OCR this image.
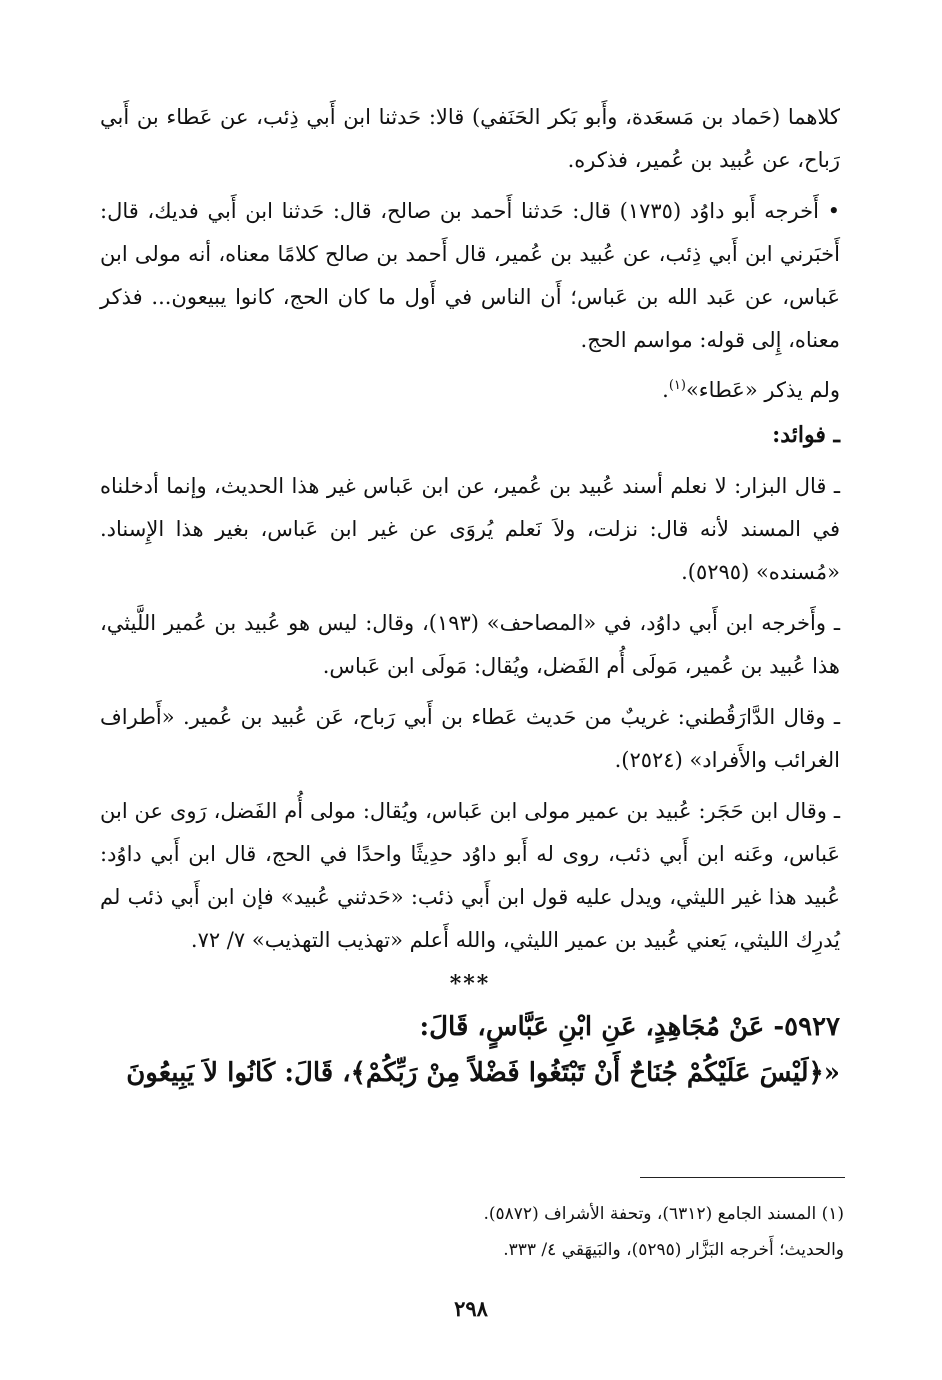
كلاهما (حَماد بن مَسعَدة، وأَبو بَكر الحَنَفي) قالا: حَدثنا ابن أَبي ذِئب، عن عَطاء بن أَبي رَباح، عن عُبيد بن عُمير، فذكره.

• أَخرجه أَبو داوُد (١٧٣٥) قال: حَدثنا أَحمد بن صالح، قال: حَدثنا ابن أَبي فديك، قال: أَخبَرني ابن أَبي ذِئب، عن عُبيد بن عُمير، قال أَحمد بن صالح كلامًا معناه، أنه مولى ابن عَباس، عن عَبد الله بن عَباس؛ أَن الناس في أَول ما كان الحج، كانوا يبيعون... فذكر معناه، إِلى قوله: مواسم الحج.

ولم يذكر «عَطاء»$^{(١)}$.

ـ فوائد:

ـ قال البزار: لا نعلم أسند عُبيد بن عُمير، عن ابن عَباس غير هذا الحديث، وإنما أدخلناه في المسند لأنه قال: نزلت، ولاَ نَعلم يُروَى عن غير ابن عَباس، بغير هذا الإِسناد. «مُسنده» (٥٢٩٥).

ـ وأَخرجه ابن أَبي داوُد، في «المصاحف» (١٩٣)، وقال: ليس هو عُبيد بن عُمير اللَّيثي، هذا عُبيد بن عُمير، مَولَى أُم الفَضل، ويُقال: مَولَى ابن عَباس.

ـ وقال الدَّارَقُطني: غريبٌ من حَديث عَطاء بن أَبي رَباح، عَن عُبيد بن عُمير. «أَطراف الغرائب والأَفراد» (٢٥٢٤).

ـ وقال ابن حَجَر: عُبيد بن عمير مولى ابن عَباس، ويُقال: مولى أُم الفَضل، رَوى عن ابن عَباس، وعَنه ابن أَبي ذئب، روى له أَبو داوُد حدِيثًا واحدًا في الحج، قال ابن أَبي داوُد: عُبيد هذا غير الليثي، ويدل عليه قول ابن أَبي ذئب: «حَدثني عُبيد» فإن ابن أَبي ذئب لم يُدرِك الليثي، يَعني عُبيد بن عمير الليثي، والله أَعلم «تهذيب التهذيب» ٧/ ٧٢.

***

٥٩٢٧- عَنْ مُجَاهِدٍ، عَنِ ابْنِ عَبَّاسٍ، قَالَ:

«﴿لَيْسَ عَلَيْكُمْ جُنَاحٌ أَنْ تَبْتَغُوا فَضْلاً مِنْ رَبِّكُمْ﴾، قَالَ: كَانُوا لاَ يَبِيعُونَ

(١) المسند الجامع (٦٣١٢)، وتحفة الأشراف (٥٨٧٢).

والحديث؛ أَخرجه البَزَّار (٥٢٩٥)، والبَيهَقي ٤/ ٣٣٣.

٢٩٨
